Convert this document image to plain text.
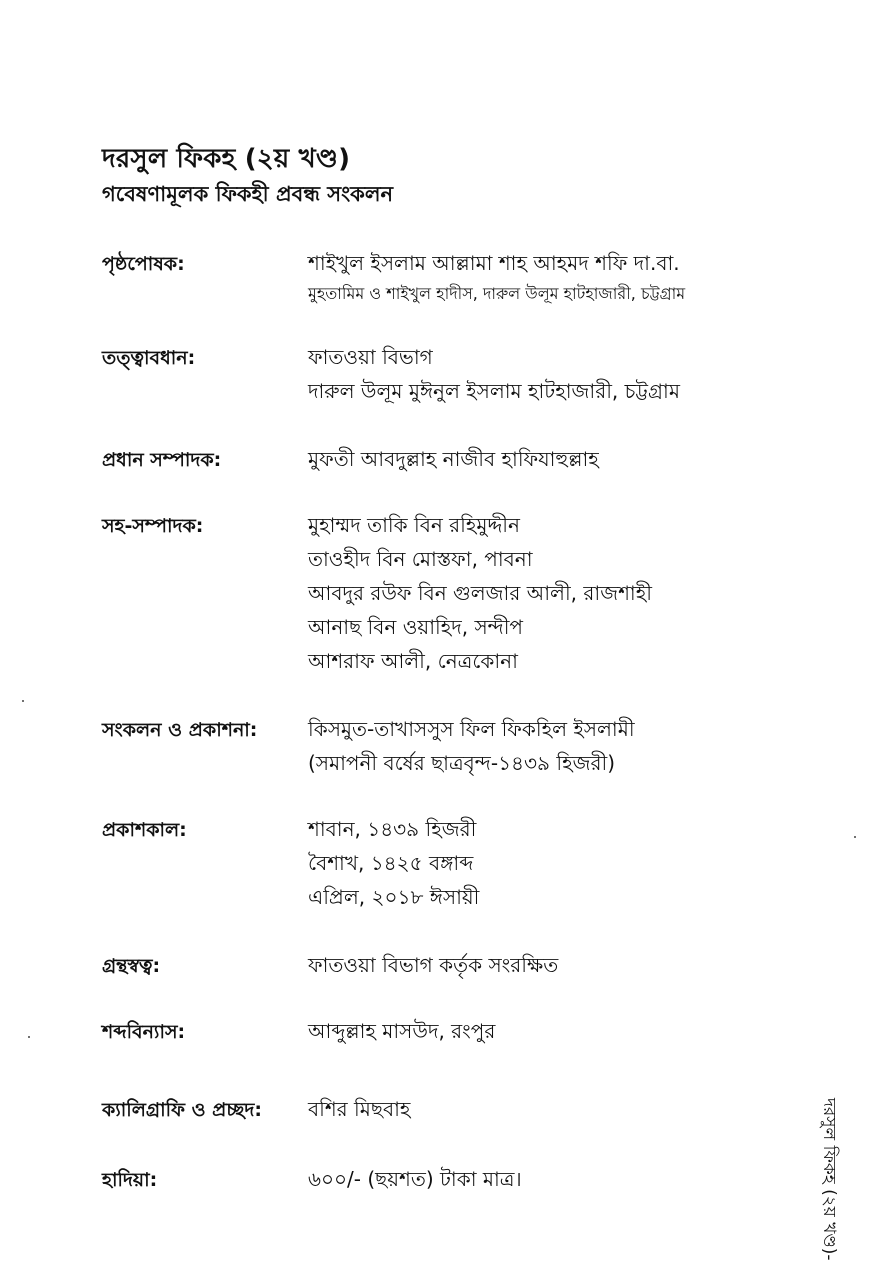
দরসুল ফিকহ (২য় খণ্ড)
গবেষণামূলক ফিকহী প্রবন্ধ সংকলন
পৃষ্ঠপোষক:	শাইখুল ইসলাম আল্লামা শাহ আহমদ শফি দা.বা.
মুহতামিম ও শাইখুল হাদীস, দারুল উলূম হাটহাজারী, চট্টগ্রাম
তত্ত্বাবধান:	ফাতওয়া বিভাগ
দারুল উলূম মুঈনুল ইসলাম হাটহাজারী, চট্টগ্রাম
প্রধান সম্পাদক:	মুফতী আবদুল্লাহ নাজীব হাফিযাহুল্লাহ
সহ-সম্পাদক:	মুহাম্মদ তাকি বিন রহিমুদ্দীন
তাওহীদ বিন মোস্তফা, পাবনা
আবদুর রউফ বিন গুলজার আলী, রাজশাহী
আনাছ বিন ওয়াহিদ, সন্দীপ
আশরাফ আলী, নেত্রকোনা
সংকলন ও প্রকাশনা:	কিসমুত-তাখাসসুস ফিল ফিকহিল ইসলামী
(সমাপনী বর্ষের ছাত্রবৃন্দ-১৪৩৯ হিজরী)
প্রকাশকাল:	শাবান, ১৪৩৯ হিজরী
বৈশাখ, ১৪২৫ বঙ্গাব্দ
এপ্রিল, ২০১৮ ঈসায়ী
গ্রন্থস্বত্ব:	ফাতওয়া বিভাগ কর্তৃক সংরক্ষিত
শব্দবিন্যাস:	আব্দুল্লাহ মাসউদ, রংপুর
ক্যালিগ্রাফি ও প্রচ্ছদ: বশির মিছবাহ
হাদিয়া:	৬০০/- (ছয়শত) টাকা মাত্র।	দরসুল ফিকহ (২য় খণ্ড)-
